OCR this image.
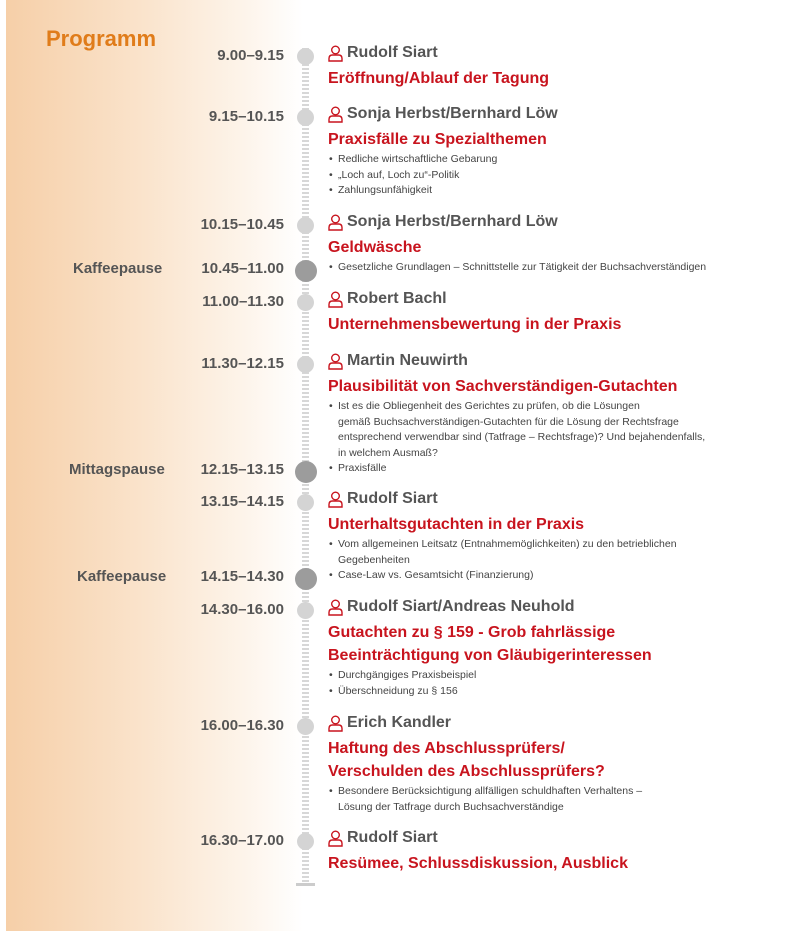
Programm
9.00–9.15	Rudolf Siart
Eröffnung/Ablauf der Tagung
9.15–10.15	Sonja Herbst/Bernhard Löw
Praxisfälle zu Spezialthemen
• Redliche wirtschaftliche Gebarung
• „Loch auf, Loch zu“-Politik
• Zahlungsunfähigkeit
10.15–10.45	Sonja Herbst/Bernhard Löw
Geldwäsche
• Gesetzliche Grundlagen – Schnittstelle zur Tätigkeit der Buchsachverständigen
11.00–11.30	Robert Bachl
Unternehmensbewertung in der Praxis
11.30–12.15	Martin Neuwirth
Plausibilität von Sachverständigen-Gutachten
• Ist es die Obliegenheit des Gerichtes zu prüfen, ob die Lösungen
gemäß Buchsachverständigen-Gutachten für die Lösung der Rechtsfrage
entsprechend verwendbar sind (Tatfrage – Rechtsfrage)? Und bejahendenfalls,
in welchem Ausmaß?
• Praxisfälle
13.15–14.15	Rudolf Siart
Unterhaltsgutachten in der Praxis
• Vom allgemeinen Leitsatz (Entnahmemöglichkeiten) zu den betrieblichen
Gegebenheiten
• Case-Law vs. Gesamtsicht (Finanzierung)
14.30–16.00	Rudolf Siart/Andreas Neuhold
Gutachten zu § 159 - Grob fahrlässige
Beeinträchtigung von Gläubigerinteressen
• Durchgängiges Praxisbeispiel
• Überschneidung zu § 156
16.00–16.30	Erich Kandler
Haftung des Abschlussprüfers/
Verschulden des Abschlussprüfers?
• Besondere Berücksichtigung allfälligen schuldhaften Verhaltens –
Lösung der Tatfrage durch Buchsachverständige
16.30–17.00	Rudolf Siart
Resümee, Schlussdiskussion, Ausblick
Kaffeepause	10.45–11.00
Mittagspause 12.15–13.15
Kaffeepause 14.15–14.30
